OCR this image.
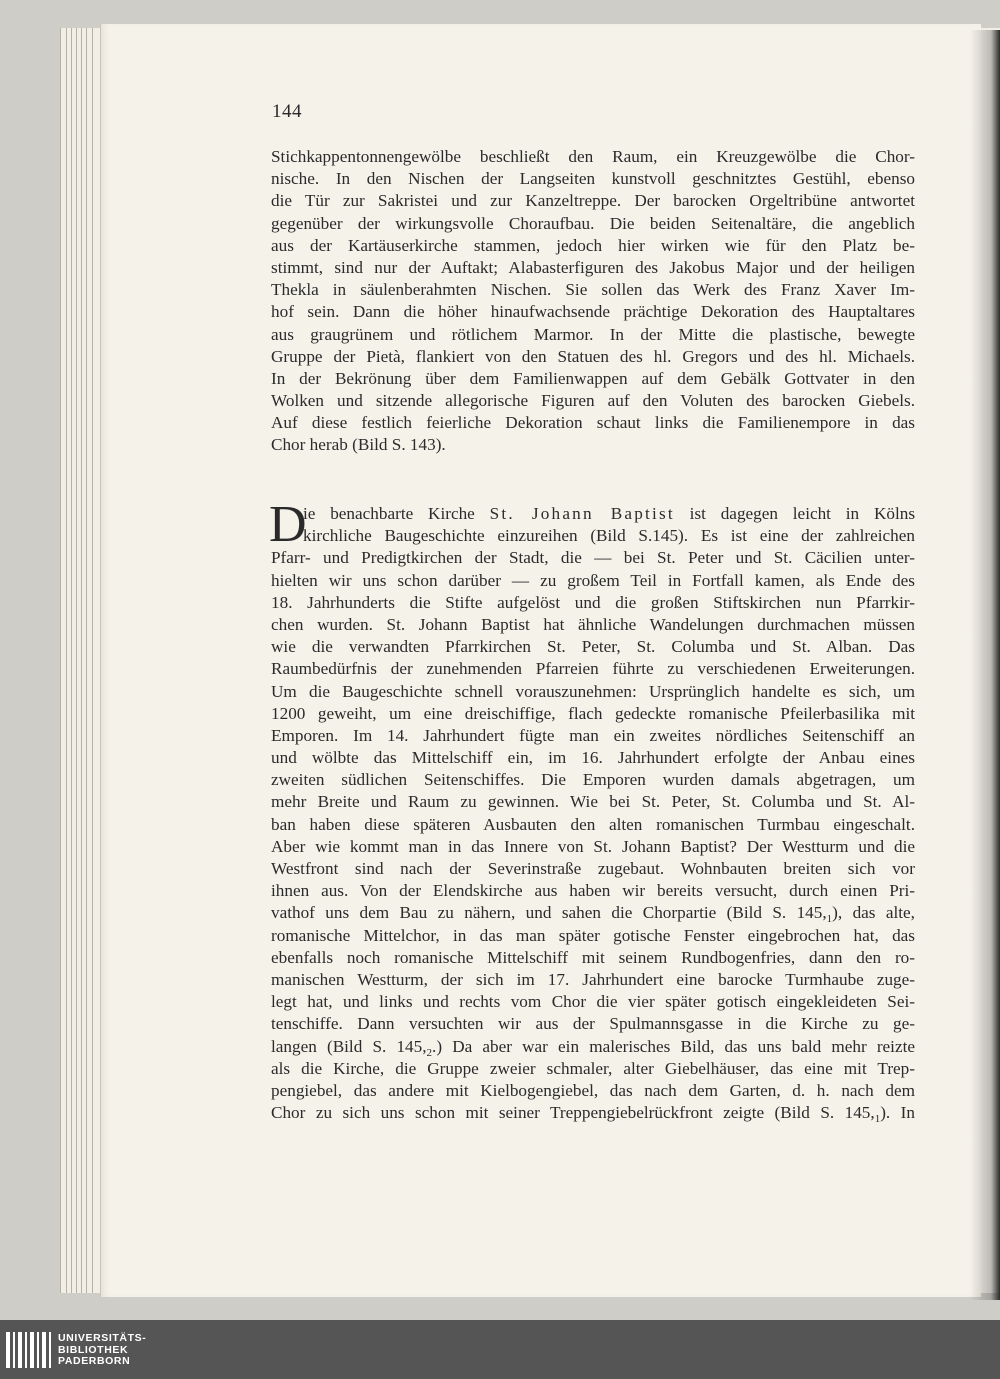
144
Stichkappentonnengewölbe beschließt den Raum, ein Kreuzgewölbe die Chor-
nische. In den Nischen der Langseiten kunstvoll geschnitztes Gestühl, ebenso
die Tür zur Sakristei und zur Kanzeltreppe. Der barocken Orgeltribüne antwortet
gegenüber der wirkungsvolle Choraufbau. Die beiden Seitenaltäre, die angeblich
aus der Kartäuserkirche stammen, jedoch hier wirken wie für den Platz be-
stimmt, sind nur der Auftakt; Alabasterfiguren des Jakobus Major und der heiligen
Thekla in säulenberahmten Nischen. Sie sollen das Werk des Franz Xaver Im-
hof sein. Dann die höher hinaufwachsende prächtige Dekoration des Hauptaltares
aus graugrünem und rötlichem Marmor. In der Mitte die plastische, bewegte
Gruppe der Pietà, flankiert von den Statuen des hl. Gregors und des hl. Michaels.
In der Bekrönung über dem Familienwappen auf dem Gebälk Gottvater in den
Wolken und sitzende allegorische Figuren auf den Voluten des barocken Giebels.
Auf diese festlich feierliche Dekoration schaut links die Familienempore in das
Chor herab (Bild S. 143).
D
ie benachbarte Kirche St. Johann Baptist ist dagegen leicht in Kölns
kirchliche Baugeschichte einzureihen (Bild S.145). Es ist eine der zahlreichen
Pfarr- und Predigtkirchen der Stadt, die — bei St. Peter und St. Cäcilien unter-
hielten wir uns schon darüber — zu großem Teil in Fortfall kamen, als Ende des
18. Jahrhunderts die Stifte aufgelöst und die großen Stiftskirchen nun Pfarrkir-
chen wurden. St. Johann Baptist hat ähnliche Wandelungen durchmachen müssen
wie die verwandten Pfarrkirchen St. Peter, St. Columba und St. Alban. Das
Raumbedürfnis der zunehmenden Pfarreien führte zu verschiedenen Erweiterungen.
Um die Baugeschichte schnell vorauszunehmen: Ursprünglich handelte es sich, um
1200 geweiht, um eine dreischiffige, flach gedeckte romanische Pfeilerbasilika mit
Emporen. Im 14. Jahrhundert fügte man ein zweites nördliches Seitenschiff an
und wölbte das Mittelschiff ein, im 16. Jahrhundert erfolgte der Anbau eines
zweiten südlichen Seitenschiffes. Die Emporen wurden damals abgetragen, um
mehr Breite und Raum zu gewinnen. Wie bei St. Peter, St. Columba und St. Al-
ban haben diese späteren Ausbauten den alten romanischen Turmbau eingeschalt.
Aber wie kommt man in das Innere von St. Johann Baptist? Der Westturm und die
Westfront sind nach der Severinstraße zugebaut. Wohnbauten breiten sich vor
ihnen aus. Von der Elendskirche aus haben wir bereits versucht, durch einen Pri-
vathof uns dem Bau zu nähern, und sahen die Chorpartie (Bild S. $145,_1$), das alte,
romanische Mittelchor, in das man später gotische Fenster eingebrochen hat, das
ebenfalls noch romanische Mittelschiff mit seinem Rundbogenfries, dann den ro-
manischen Westturm, der sich im 17. Jahrhundert eine barocke Turmhaube zuge-
legt hat, und links und rechts vom Chor die vier später gotisch eingekleideten Sei-
tenschiffe. Dann versuchten wir aus der Spulmannsgasse in die Kirche zu ge-
langen (Bild S. $145,_2$.) Da aber war ein malerisches Bild, das uns bald mehr reizte
als die Kirche, die Gruppe zweier schmaler, alter Giebelhäuser, das eine mit Trep-
pengiebel, das andere mit Kielbogengiebel, das nach dem Garten, d. h. nach dem
Chor zu sich uns schon mit seiner Treppengiebelrückfront zeigte (Bild S. $145,_1$). In
UNIVERSITÄTS-
BIBLIOTHEK
PADERBORN
